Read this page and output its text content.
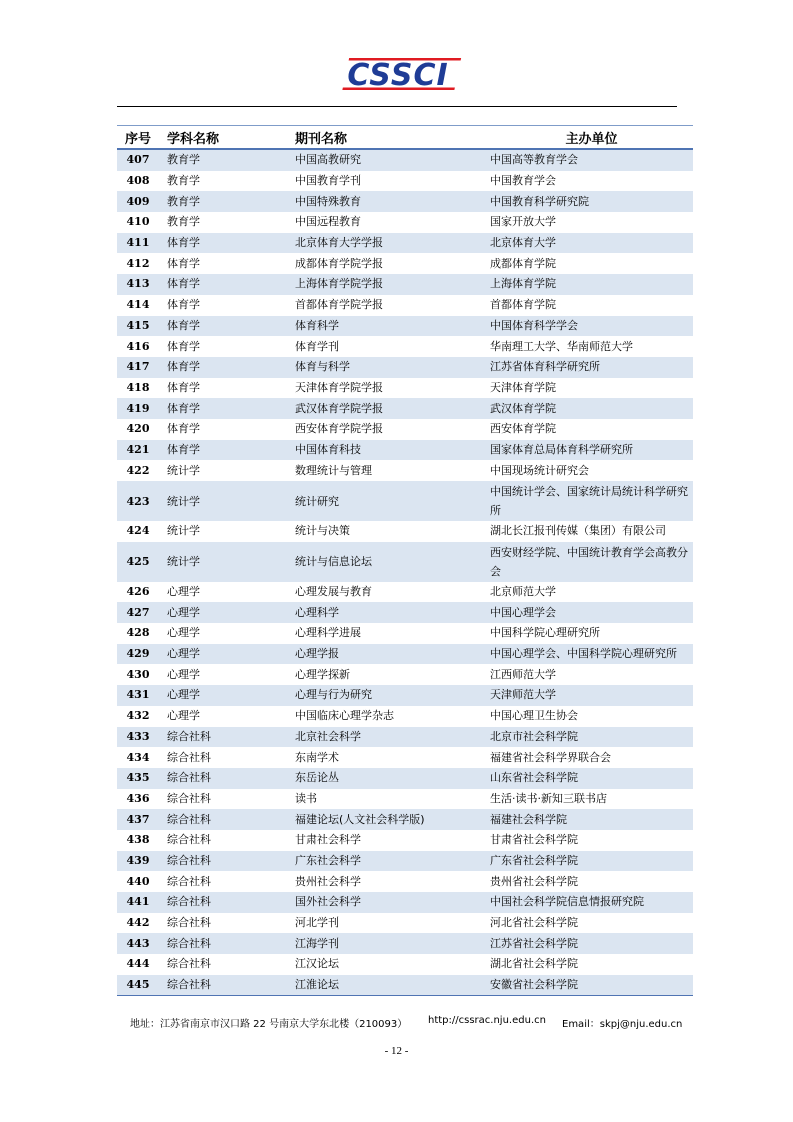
CSSCI
序号	学科名称	期刊名称	主办单位
407	教育学	中国高教研究	中国高等教育学会
408	教育学	中国教育学刊	中国教育学会
409	教育学	中国特殊教育	中国教育科学研究院
410	教育学	中国远程教育	国家开放大学
411	体育学	北京体育大学学报	北京体育大学
412	体育学	成都体育学院学报	成都体育学院
413	体育学	上海体育学院学报	上海体育学院
414	体育学	首都体育学院学报	首都体育学院
415	体育学	体育科学	中国体育科学学会
416	体育学	体育学刊	华南理工大学、华南师范大学
417	体育学	体育与科学	江苏省体育科学研究所
418	体育学	天津体育学院学报	天津体育学院
419	体育学	武汉体育学院学报	武汉体育学院
420	体育学	西安体育学院学报	西安体育学院
421	体育学	中国体育科技	国家体育总局体育科学研究所
422	统计学	数理统计与管理	中国现场统计研究会
423	统计学	统计研究	中国统计学会、国家统计局统计科学研究所
424	统计学	统计与决策	湖北长江报刊传媒（集团）有限公司
425	统计学	统计与信息论坛	西安财经学院、中国统计教育学会高教分会
426	心理学	心理发展与教育	北京师范大学
427	心理学	心理科学	中国心理学会
428	心理学	心理科学进展	中国科学院心理研究所
429	心理学	心理学报	中国心理学会、中国科学院心理研究所
430	心理学	心理学探新	江西师范大学
431	心理学	心理与行为研究	天津师范大学
432	心理学	中国临床心理学杂志	中国心理卫生协会
433	综合社科	北京社会科学	北京市社会科学院
434	综合社科	东南学术	福建省社会科学界联合会
435	综合社科	东岳论丛	山东省社会科学院
436	综合社科	读书	生活·读书·新知三联书店
437	综合社科	福建论坛(人文社会科学版)	福建社会科学院
438	综合社科	甘肃社会科学	甘肃省社会科学院
439	综合社科	广东社会科学	广东省社会科学院
440	综合社科	贵州社会科学	贵州省社会科学院
441	综合社科	国外社会科学	中国社会科学院信息情报研究院
442	综合社科	河北学刊	河北省社会科学院
443	综合社科	江海学刊	江苏省社会科学院
444	综合社科	江汉论坛	湖北省社会科学院
445	综合社科	江淮论坛	安徽省社会科学院
地址：江苏省南京市汉口路 22 号南京大学东北楼（210093） http://cssrac.nju.edu.cn Email：skpj@nju.edu.cn
- 12 -
